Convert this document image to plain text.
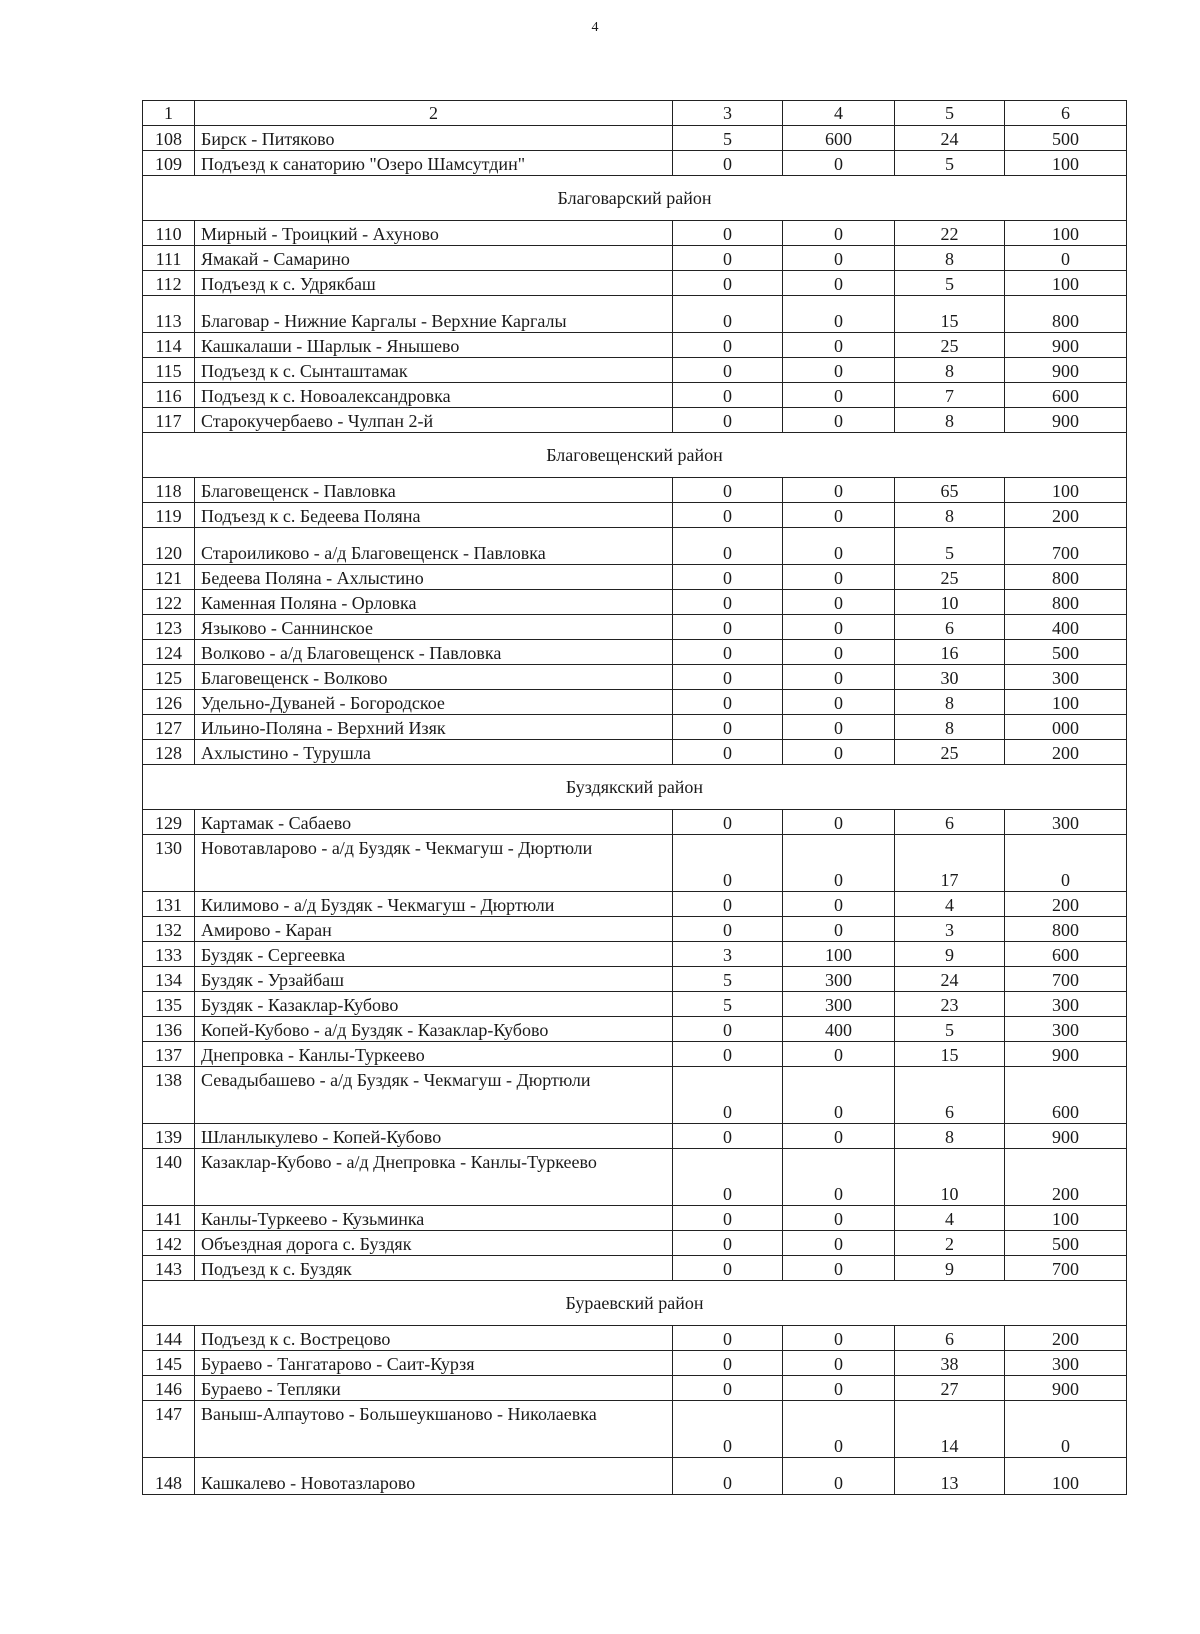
4
1	2	3	4	5	6
108	Бирск - Питяково	5	600	24	500
109	Подъезд к санаторию "Озеро Шамсутдин"	0	0	5	100
Благоварский район					
110	Мирный - Троицкий - Ахуново	0	0	22	100
111	Ямакай - Самарино	0	0	8	0
112	Подъезд к с. Удрякбаш	0	0	5	100
113	Благовар - Нижние Каргалы - Верхние Каргалы	0	0	15	800
114	Кашкалаши - Шарлык - Янышево	0	0	25	900
115	Подъезд к с. Сынташтамак	0	0	8	900
116	Подъезд к с. Новоалександровка	0	0	7	600
117	Старокучербаево - Чулпан 2-й	0	0	8	900
Благовещенский район					
118	Благовещенск - Павловка	0	0	65	100
119	Подъезд к с. Бедеева Поляна	0	0	8	200
120	Староиликово - а/д Благовещенск - Павловка	0	0	5	700
121	Бедеева Поляна - Ахлыстино	0	0	25	800
122	Каменная Поляна - Орловка	0	0	10	800
123	Языково - Саннинское	0	0	6	400
124	Волково - а/д Благовещенск - Павловка	0	0	16	500
125	Благовещенск - Волково	0	0	30	300
126	Удельно-Дуваней - Богородское	0	0	8	100
127	Ильино-Поляна - Верхний Изяк	0	0	8	000
128	Ахлыстино - Турушла	0	0	25	200
Буздякский район					
129	Картамак - Сабаево	0	0	6	300
130	Новотавларово - а/д Буздяк - Чекмагуш - Дюртюли	0	0	17	0
131	Килимово - а/д Буздяк - Чекмагуш - Дюртюли	0	0	4	200
132	Амирово - Каран	0	0	3	800
133	Буздяк - Сергеевка	3	100	9	600
134	Буздяк - Урзайбаш	5	300	24	700
135	Буздяк - Казаклар-Кубово	5	300	23	300
136	Копей-Кубово - а/д Буздяк - Казаклар-Кубово	0	400	5	300
137	Днепровка - Канлы-Туркеево	0	0	15	900
138	Севадыбашево - а/д Буздяк - Чекмагуш - Дюртюли	0	0	6	600
139	Шланлыкулево - Копей-Кубово	0	0	8	900
140	Казаклар-Кубово - а/д Днепровка - Канлы-Туркеево	0	0	10	200
141	Канлы-Туркеево - Кузьминка	0	0	4	100
142	Объездная дорога с. Буздяк	0	0	2	500
143	Подъезд к с. Буздяк	0	0	9	700
Бураевский район					
144	Подъезд к с. Вострецово	0	0	6	200
145	Бураево - Тангатарово - Саит-Курзя	0	0	38	300
146	Бураево - Тепляки	0	0	27	900
147	Ваныш-Алпаутово - Большеукшаново - Николаевка	0	0	14	0
148	Кашкалево - Новотазларово	0	0	13	100
